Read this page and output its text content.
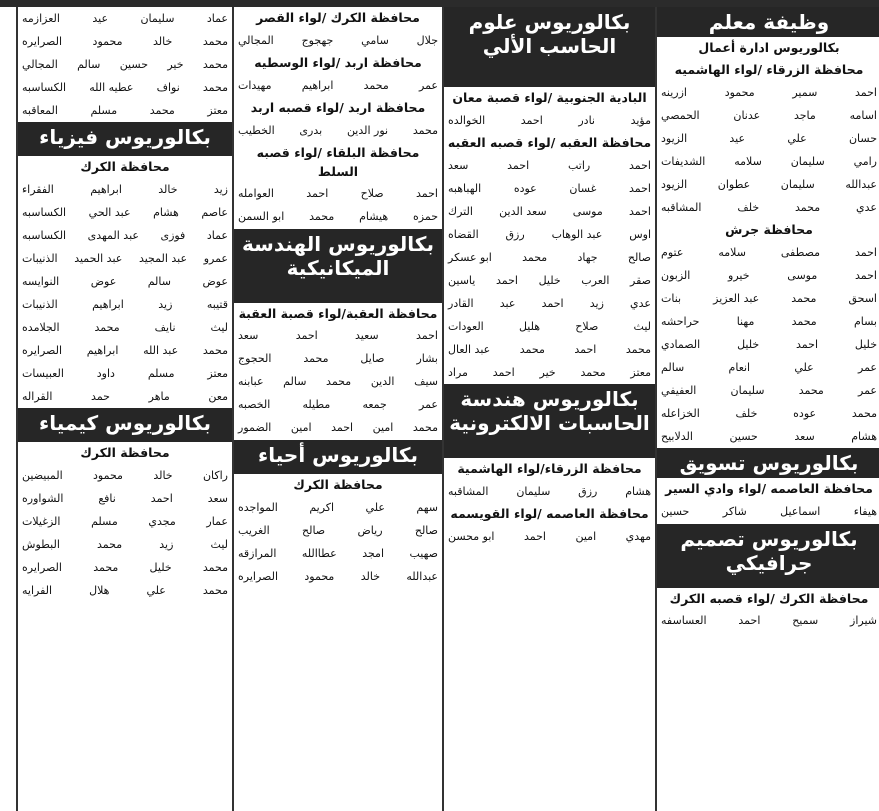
وظيفة معلم
بكالوريوس ادارة أعمال
محافظة الزرقاء /لواء الهاشميه
احمد
سمير
محمود
ازرينه
اسامه
ماجد
عدنان
الحمصي
حسان
علي
عيد
الزيود
رامي
سليمان
سلامه
الشديفات
عبدالله
سليمان
عطوان
الزيود
عدي
محمد
خلف
المشاقبه
محافظة جرش
احمد
مصطفى
سلامه
عتوم
احمد
موسى
خيرو
الزبون
اسحق
محمد
عبد العزيز
بنات
بسام
محمد
مهنا
حراحشه
خليل
احمد
خليل
الصمادي
عمر
علي
انعام
سالم
عمر
محمد
سليمان
العفيفي
محمد
عوده
خلف
الخزاعله
هشام
سعد
حسين
الدلابيح
بكالوريوس تسويق
محافظة العاصمه /لواء وادي السير
هيفاء
اسماعيل
شاكر
حسين
بكالوريوس تصميم جرافيكي
محافظة الكرك /لواء قصبه الكرك
شيراز
سميح
احمد
العساسفه
بكالوريوس علوم الحاسب الألي
البادية الجنوبية /لواء قصبة معان
مؤيد
نادر
احمد
الخوالده
محافظة العقبه /لواء قصبه العقبه
احمد
راتب
احمد
سعد
احمد
غسان
عوده
الهباهبه
احمد
موسى
سعد الدين
الترك
اوس
عبد الوهاب
رزق
القضاه
صالح
جهاد
محمد
ابو عسكر
صقر
العرب
خليل
احمد
ياسين
عدي
زيد
احمد
عبد
القادر
ليث
صلاح
هليل
العودات
محمد
احمد
محمد
عبد العال
معتز
محمد
خير
احمد
مراد
بكالوريوس هندسة الحاسبات الالكترونية
محافظة الزرقاء/لواء الهاشمية
هشام
رزق
سليمان
المشاقبه
محافظة العاصمه /لواء القويسمه
مهدي
امين
احمد
ابو محسن
محافظة الكرك /لواء القصر
جلال
سامي
جهجوج
المجالي
محافظة اربد /لواء الوسطيه
عمر
محمد
ابراهيم
مهيدات
محافظة اربد /لواء قصبه اربد
محمد
نور الدين
بدرى
الخطيب
محافظة البلقاء /لواء قصبه السلط
احمد
صلاح
احمد
العوامله
حمزه
هيشام
محمد
ابو السمن
بكالوريوس الهندسة الميكانيكية
محافظة العقبة/لواء قصبة العقبة
احمد
سعيد
احمد
سعد
بشار
صايل
محمد
الحجوج
سيف
الدين
محمد
سالم
عبابنه
عمر
جمعه
مطيله
الخصبه
محمد
امين
احمد
امين
الضمور
بكالوريوس أحياء
محافظة الكرك
سهم
علي
اكريم
المواجده
صالح
رياض
صالح
الغريب
صهيب
امجد
عطاالله
المرازقه
عبدالله
خالد
محمود
الصرايره
عماد
سليمان
عيد
العزازمه
محمد
خالد
محمود
الصرايره
محمد
خير
حسين
سالم
المجالي
محمد
نواف
عطيه الله
الكساسبه
معتز
محمد
مسلم
المعاقبه
بكالوريوس فيزياء
محافظة الكرك
زيد
خالد
ابراهيم
الفقراء
عاصم
هشام
عبد الحي
الكساسبه
عماد
فوزى
عبد المهدى
الكساسبه
عمرو
عبد المجيد
عبد الحميد
الذنيبات
عوض
سالم
عوض
النوايسه
قتيبه
زيد
ابراهيم
الذنيبات
ليث
نايف
محمد
الجلامده
محمد
عبد الله
ابراهيم
الصرايره
معتز
مسلم
داود
العبيسات
معن
ماهر
حمد
القراله
بكالوريوس كيمياء
محافظة الكرك
راكان
خالد
محمود
المبيضين
سعد
احمد
نافع
الشواوره
عمار
مجدي
مسلم
الزغيلات
ليث
زيد
محمد
البطوش
محمد
خليل
محمد
الصرايره
محمد
علي
هلال
الفرايه
